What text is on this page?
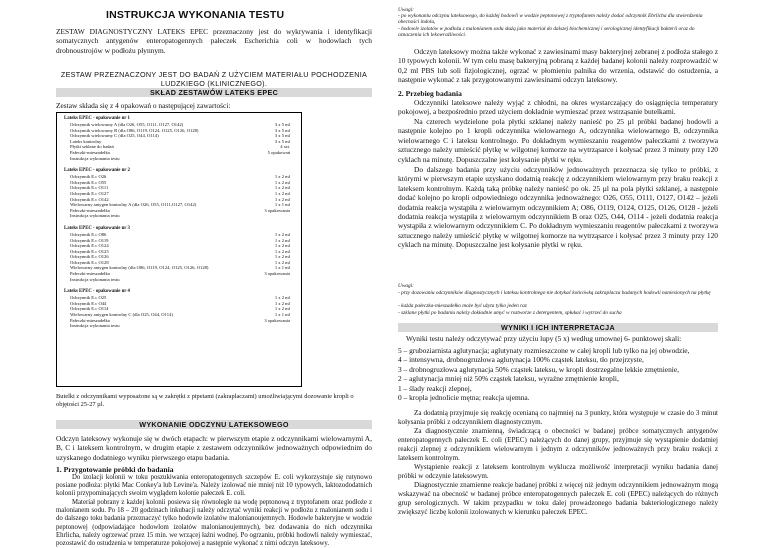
INSTRUKCJA WYKONANIA TESTU

ZESTAW DIAGNOSTYCZNY LATEKS EPEC przeznaczony jest do wykrywania i identyfikacji somatycznych antygenów enteropatogennych pałeczek Escherichia coli w hodowlach tych drobnoustrojów w podłożu płynnym.

ZESTAW PRZEZNACZONY JEST DO BADAŃ Z UŻYCIEM MATERIAŁU POCHODZENIA LUDZKIEGO (KLINICZNEGO).

SKŁAD ZESTAWÓW LATEKS EPEC

Zestaw składa się z 4 opakowań o następującej zawartości:

Lateks EPEC - opakowanie nr 1
Odczynnik wielowarny A (dla O26, O55, O111, O127, O142)	3 x 5 ml
Odczynnik wielowarny B (dla O86, O119, O124, O125, O126, O128)	3 x 5 ml
Odczynnik wielowarny C (dla O25, O44, O114)	3 x 5 ml
Lateks kontrolny	3 x 5 ml
Płytki szklane do badań	4 szt.
Pałeczki-mieszadełka	5 opakowań
Instrukcja wykonania testu
Lateks EPEC - opakowanie nr 2
Odczynnik E.c O26	1 x 2 ml
Odczynnik E.c O55	1 x 2 ml
Odczynnik E.c O111	1 x 2 ml
Odczynnik E.c O127	1 x 2 ml
Odczynnik E.c O142	1 x 2 ml
Wielowarny antygen kontrolny A (dla O26, O55, O111,O127, O142)	1 x 1 ml
Pałeczki-mieszadełka	3 opakowania
Instrukcja wykonania testu
Lateks EPEC - opakowanie nr 3
Odczynnik E.c O86	1 x 2 ml
Odczynnik E.c O119	1 x 2 ml
Odczynnik E.c O124	1 x 2 ml
Odczynnik E.c O125	1 x 2 ml
Odczynnik E.c O126	1 x 2 ml
Odczynnik E.c O128	1 x 2 ml
Wielowarny antygen kontrolny (dla O86, O119, O124, O125, O126, O128)	1 x 1 ml
Pałeczki-mieszadełka	3 opakowania
Instrukcja wykonania testu
Lateks EPEC - opakowanie nr 4
Odczynnik E.c O25	1 x 2 ml
Odczynnik E.c O44	1 x 2 ml
Odczynnik E.c O114	1 x 2 ml
Wielowarny antygen kontrolny C (dla O25, O44, O114)	1 x 1 ml
Pałeczki-mieszadełka	3 opakowania
Instrukcja wykonania testu

Butelki z odczynnikami wyposażone są w zakrętki z pipetami (zakraplaczami) umożliwiającymi dozowanie kropli o objętości 25-27 µl.

WYKONANIE ODCZYNU LATEKSOWEGO

Odczyn lateksowy wykonuje się w dwóch etapach: w pierwszym etapie z odczynnikami wielowarnymi A, B, C i lateksem kontrolnym, w drugim etapie z zestawem odczynników jednoważnych odpowiednim do uzyskanego dodatniego wyniku pierwszego etapu badania.

1. Przygotowanie próbki do badania

Do izolacji kolonii w toku poszukiwania enteropatogennych szczepów E. coli wykorzystuje się rutynowo posiane podłoża: płytki Mac Conkey'a lub Levine'a. Należy izolować nie mniej niż 10 typowych, laktozododatnich kolonii przypominających swoim wyglądem kolonie pałeczek E. coli.

Materiał pobrany z każdej kolonii posiewa się równolegle na wodę peptonową z tryptofanem oraz podłoże z malonianem sodu. Po 18 – 20 godzinach inkubacji należy odczytać wyniki reakcji w podłożu z malonianem sodu i do dalszego toku badania przeznaczyć tylko hodowle izolatów malonianoujemnych. Hodowle bakteryjne w wodzie peptonowej (odpowiadające hodowlom izolatów malonianoujemnych), bez dodawania do nich odczynnika Ehrlicha, należy ogrzewać przez 15 min. we wrzącej łaźni wodnej. Po ogrzaniu, próbki hodowli należy wymieszać, pozostawić do ostudzenia w temperaturze pokojowej a następnie wykonać z nimi odczyn lateksowy.

Uwagi:

- po wykonaniu odczynu lateksowego, do każdej hodowli w wodzie peptonowej z tryptofanem należy dodać odczynnik Ehrlicha dla stwierdzenia obecności indolu,

- hodowle izolatów w podłożu z malonianem sodu służą jako materiał do dalszej biochemicznej i serologicznej identyfikacji bakterii oraz do oznaczenia ich lekowrażliwości.

Odczyn lateksowy można także wykonać z zawiesinami masy bakteryjnej zebranej z podłoża stałego z 10 typowych kolonii. W tym celu masę bakteryjną pobraną z każdej badanej kolonii należy rozprowadzić w 0,2 ml PBS lub soli fizjologicznej, ogrzać w płomieniu palnika do wrzenia, odstawić do ostudzenia, a następnie wykonać z tak przygotowanymi zawiesinami odczyn lateksowy.

2. Przebieg badania

Odczynniki lateksowe należy wyjąć z chłodni, na okres wystarczający do osiągnięcia temperatury pokojowej, a bezpośrednio przed użyciem dokładnie wymieszać przez wstrząsanie butelkami.

Na czterech wydzielone pola płytki szklanej należy nanieść po 25 µl próbki badanej hodowli a następnie kolejno po 1 kropli odczynnika wielowarnego A, odczynnika wielowarnego B, odczynnika wielowarnego C i lateksu kontrolnego. Po dokładnym wymieszaniu reagentów pałeczkami z tworzywa sztucznego należy umieścić płytkę w wilgotnej komorze na wytrząsarce i kołysać przez 3 minuty przy 120 cyklach na minutę. Dopuszczalne jest kołysanie płytki w ręku.

Do dalszego badania przy użyciu odczynników jednoważnych przeznacza się tylko te próbki, z którymi w pierwszym etapie uzyskano dodatnią reakcję z odczynnikiem wielowarnym przy braku reakcji z lateksem kontrolnym. Każdą taką próbkę należy nanieść po ok. 25 µl na pola płytki szklanej, a następnie dodać kolejno po kropli odpowiedniego odczynnika jednoważnego: O26, O55, O111, O127, O142 – jeżeli dodatnia reakcja wystąpiła z wielowarnym odczynnikiem A; O86, O119, O124, O125, O126, O128 - jeżeli dodatnia reakcja wystąpiła z wielowarnym odczynnikiem B oraz O25, O44, O114 - jeżeli dodatnia reakcja wystąpiła z wielowarnym odczynnikiem C. Po dokładnym wymieszaniu reagentów pałeczkami z tworzywa sztucznego należy umieścić płytkę w wilgotnej komorze na wytrząsarce i kołysać przez 3 minuty przy 120 cyklach na minutę. Dopuszczalne jest kołysanie płytki w ręku.

Uwagi:

- przy dozowaniu odczynników diagnostycznych i lateksu kontrolnego nie dotykać końcówką zakraplacza badanych hodowli naniesionych na płytkę

- każda pałeczka-mieszadełko może być użyta tylko jeden raz

- szklane płytki po badaniu należy dokładnie umyć w roztworze z detergentem, spłukać i wytrzeć do sucha

WYNIKI I ICH INTERPRETACJA

Wyniki testu należy odczytywać przy użyciu lupy (5 x) według umownej 6- punktowej skali:

5 – gruboziarnista aglutynacja; aglutynaty rozmieszczone w całej kropli lub tylko na jej obwodzie,
4 – intensywna, drobnogruzłowa aglutynacja 100% cząstek lateksu, tło przejrzyste,
3 – drobnogruzłowa aglutynacja 50% cząstek lateksu, w kropli dostrzegalne lekkie zmętnienie,
2 – aglutynacja mniej niż 50% cząstek lateksu, wyraźne zmętnienie kropli,
1 – ślady reakcji zlepnej,
0 – kropla jednolicie mętna; reakcja ujemna.

Za dodatnią przyjmuje się reakcję ocenianą co najmniej na 3 punkty, która występuje w czasie do 3 minut kołysania próbki z odczynnikiem diagnostycznym.

Za diagnostycznie znamienną, świadczącą o obecności w badanej próbce somatycznych antygenów enteropatogennych pałeczek E. coli (EPEC) należących do danej grupy, przyjmuje się wystąpienie dodatniej reakcji zlepnej z odczynnikiem wielowarnym i jednym z odczynników jednoważnych przy braku reakcji z lateksem kontrolnym.

Wystąpienie reakcji z lateksem kontrolnym wyklucza możliwość interpretacji wyniku badania danej próbki w odczynie lateksowym.

Diagnostycznie znamienne reakcje badanej próbki z więcej niż jednym odczynnikiem jednoważnym mogą wskazywać na obecność w badanej próbce enteropatogennych pałeczek E. coli (EPEC) należących do różnych grup serologicznych. W takim przypadku w toku dalej prowadzonego badania bakteriologicznego należy zwiększyć liczbę kolonii izolowanych w kierunku pałeczek EPEC.
